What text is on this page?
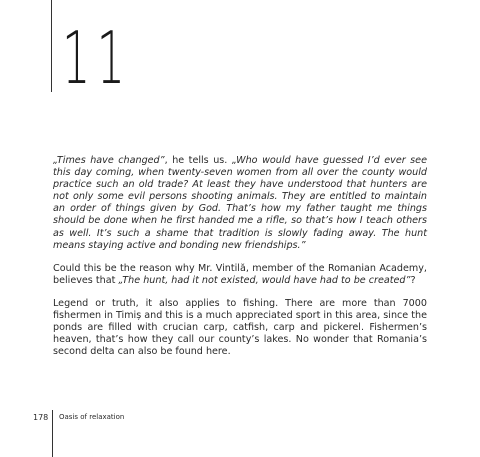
11

„Times have changed”, he tells us. „Who would have guessed I’d ever see this day coming, when twenty-seven women from all over the county would practice such an old trade? At least they have understood that hunters are not only some evil persons shooting animals. They are entitled to maintain an order of things given by God. That’s how my father taught me things should be done when he first handed me a rifle, so that’s how I teach others as well. It’s such a shame that tradition is slowly fading away. The hunt means staying active and bonding new friendships.”

Could this be the reason why Mr. Vintilă, member of the Romanian Academy, believes that „The hunt, had it not existed, would have had to be created”?

Legend or truth, it also applies to fishing. There are more than 7000 fishermen in Timiș and this is a much appreciated sport in this area, since the ponds are filled with crucian carp, catfish, carp and pickerel. Fishermen’s heaven, that’s how they call our county’s lakes. No wonder that Romania’s second delta can also be found here.

178 Oasis of relaxation
